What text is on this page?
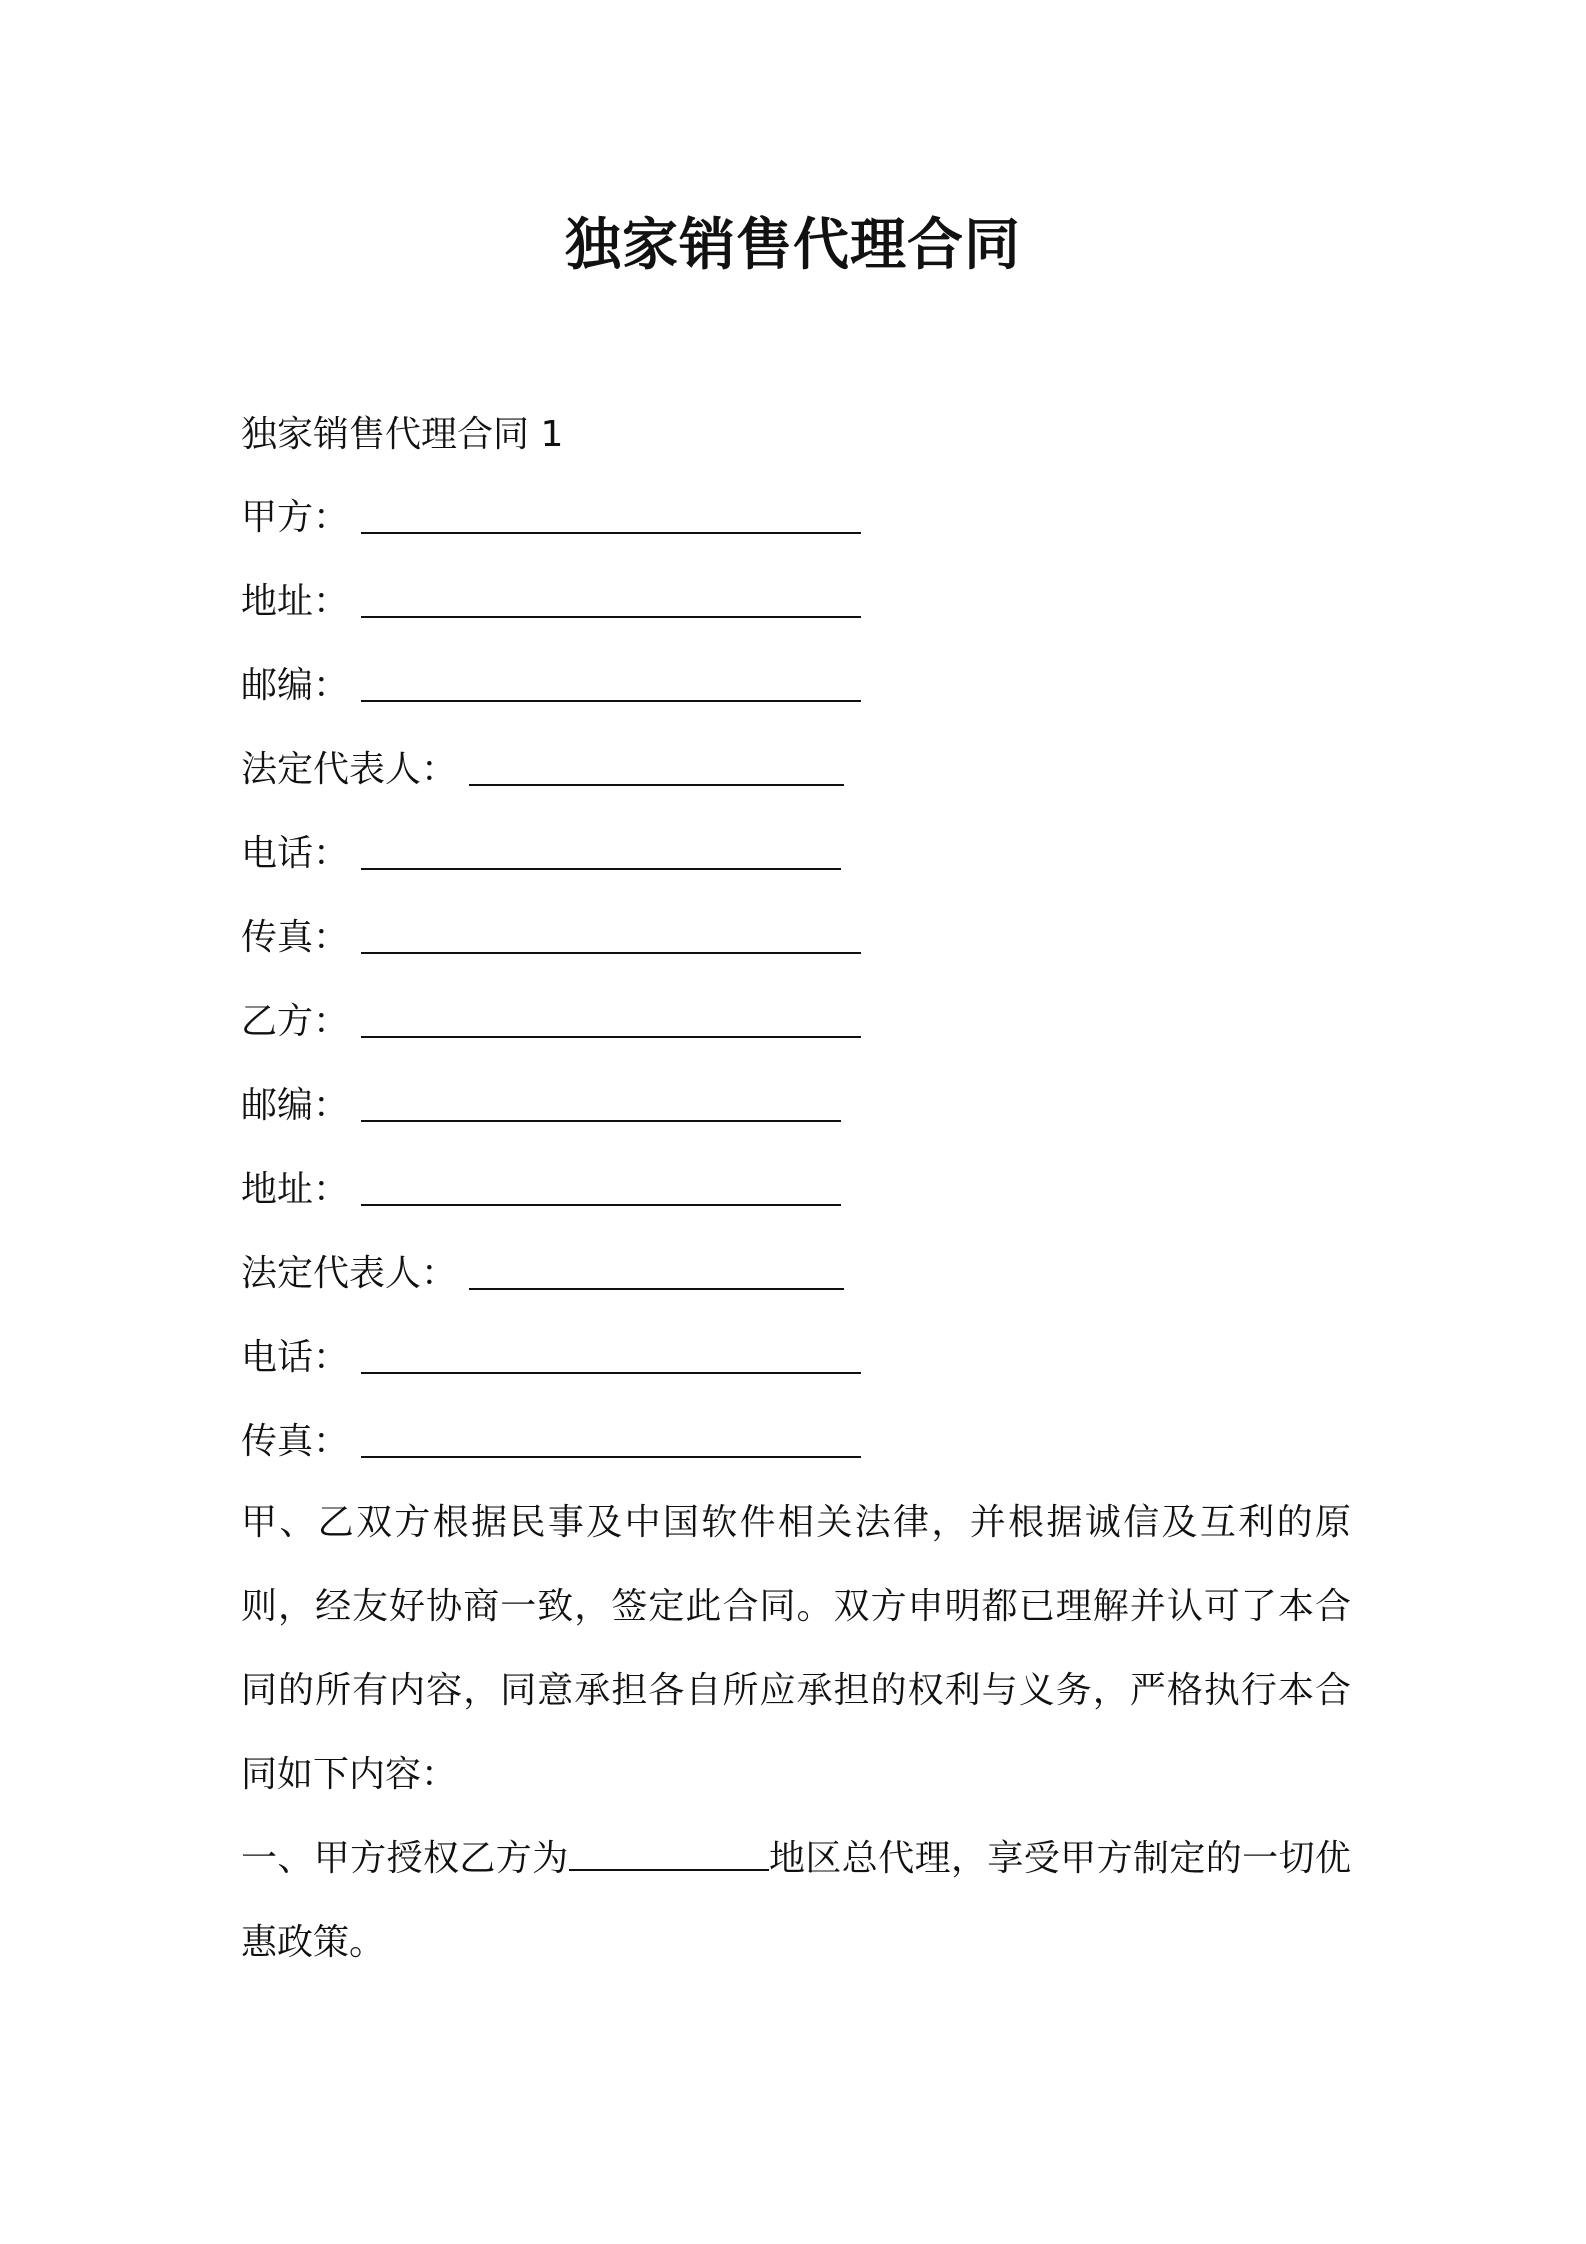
独家销售代理合同
独家销售代理合同 1
甲方：
地址：
邮编：
法定代表人：
电话：
传真：
乙方：
邮编：
地址：
法定代表人：
电话：
传真：
甲、乙双方根据民事及中国软件相关法律，并根据诚信及互利的原则，经友好协商一致，签定此合同。双方申明都已理解并认可了本合同的所有内容，同意承担各自所应承担的权利与义务，严格执行本合同如下内容：
一、甲方授权乙方为	地区总代理，享受甲方制定的一切优惠政策。
